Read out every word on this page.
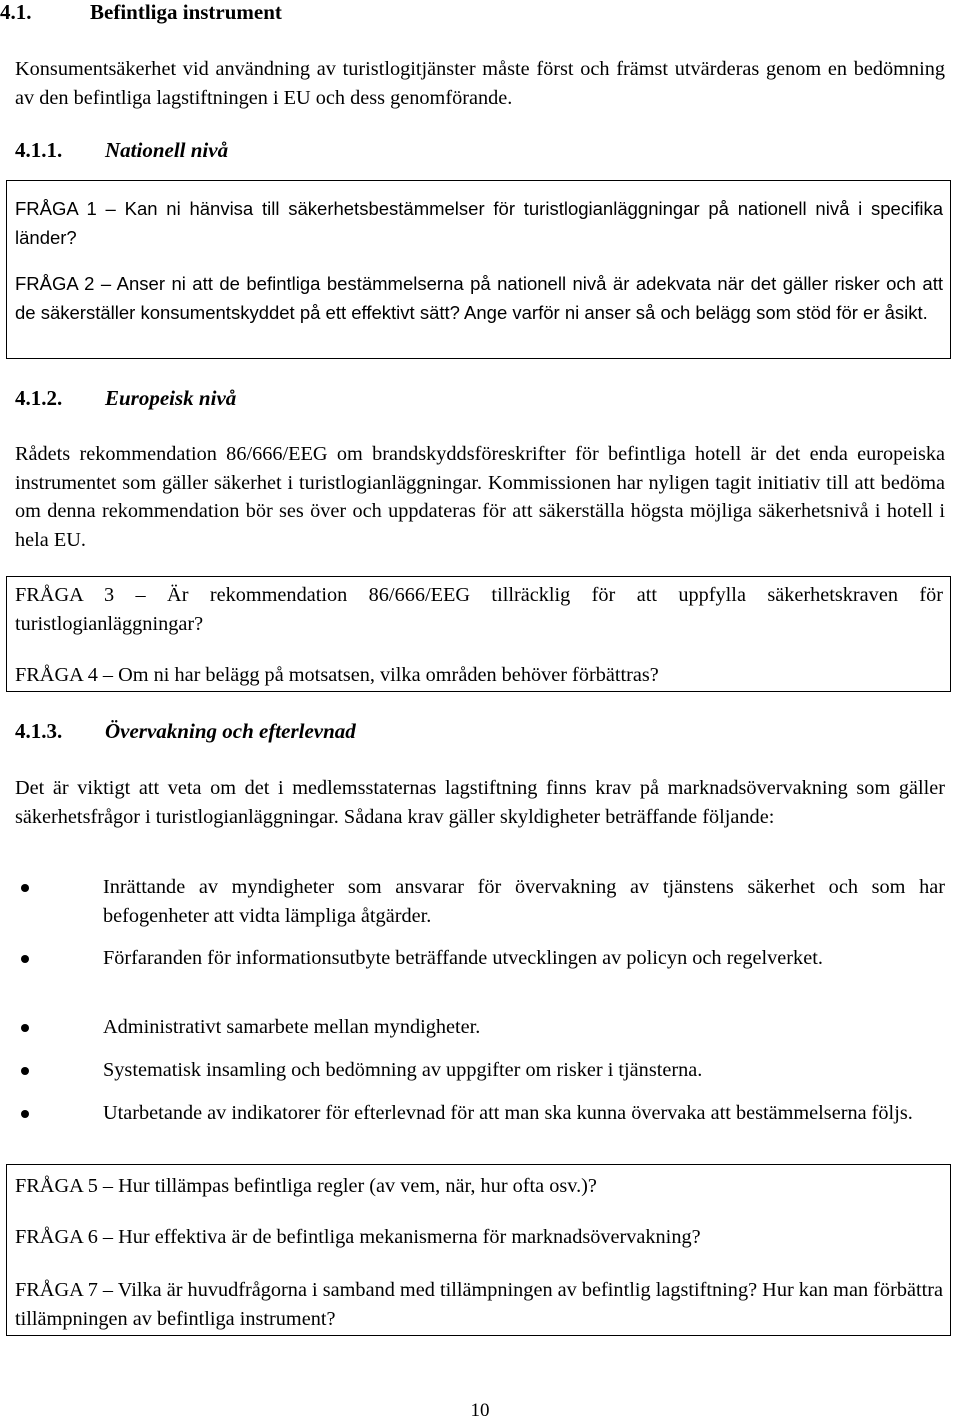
4.1.	Befintliga instrument

Konsumentsäkerhet vid användning av turistlogitjänster måste först och främst utvärderas genom en bedömning av den befintliga lagstiftningen i EU och dess genomförande.

4.1.1. Nationell nivå

FRÅGA 1 – Kan ni hänvisa till säkerhetsbestämmelser för turistlogianläggningar på nationell nivå i specifika länder?

FRÅGA 2 – Anser ni att de befintliga bestämmelserna på nationell nivå är adekvata när det gäller risker och att de säkerställer konsumentskyddet på ett effektivt sätt? Ange varför ni anser så och belägg som stöd för er åsikt.

4.1.2. Europeisk nivå

Rådets rekommendation 86/666/EEG om brandskyddsföreskrifter för befintliga hotell är det enda europeiska instrumentet som gäller säkerhet i turistlogianläggningar. Kommissionen har nyligen tagit initiativ till att bedöma om denna rekommendation bör ses över och uppdateras för att säkerställa högsta möjliga säkerhetsnivå i hotell i hela EU.

FRÅGA 3 – Är rekommendation 86/666/EEG tillräcklig för att uppfylla säkerhetskraven för turistlogianläggningar?

FRÅGA 4 – Om ni har belägg på motsatsen, vilka områden behöver förbättras?

4.1.3. Övervakning och efterlevnad

Det är viktigt att veta om det i medlemsstaternas lagstiftning finns krav på marknadsövervakning som gäller säkerhetsfrågor i turistlogianläggningar. Sådana krav gäller skyldigheter beträffande följande:

Inrättande av myndigheter som ansvarar för övervakning av tjänstens säkerhet och som har befogenheter att vidta lämpliga åtgärder.

Förfaranden för informationsutbyte beträffande utvecklingen av policyn och regelverket.

Administrativt samarbete mellan myndigheter.

Systematisk insamling och bedömning av uppgifter om risker i tjänsterna.

Utarbetande av indikatorer för efterlevnad för att man ska kunna övervaka att bestämmelserna följs.

FRÅGA 5 – Hur tillämpas befintliga regler (av vem, när, hur ofta osv.)?

FRÅGA 6 – Hur effektiva är de befintliga mekanismerna för marknadsövervakning?

FRÅGA 7 – Vilka är huvudfrågorna i samband med tillämpningen av befintlig lagstiftning? Hur kan man förbättra tillämpningen av befintliga instrument?

10
